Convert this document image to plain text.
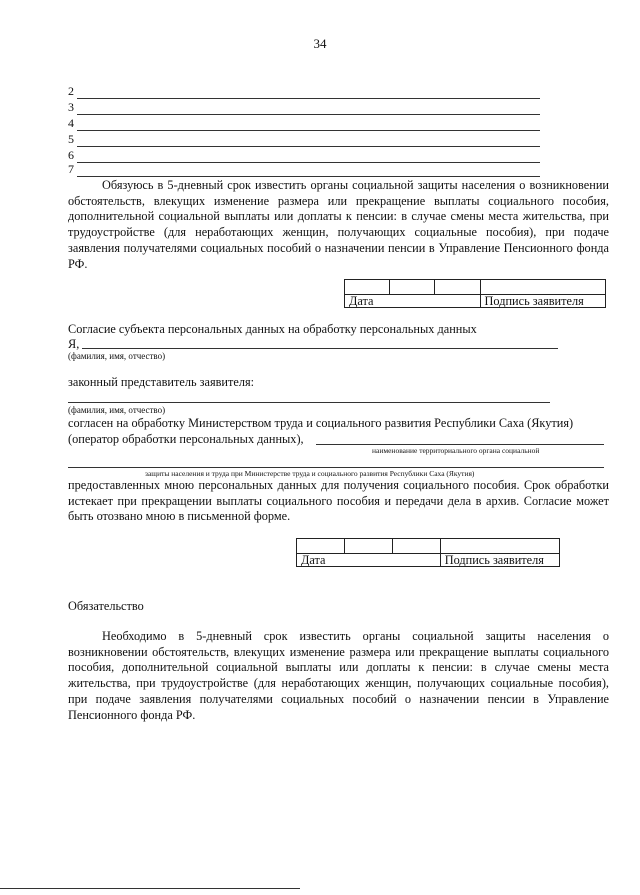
34
2
3
4
5
6
7

Обязуюсь в 5-дневный срок известить органы социальной защиты населения о возникновении обстоятельств, влекущих изменение размера или прекращение выплаты социального пособия, дополнительной социальной выплаты или доплаты к пенсии: в случае смены места жительства, при трудоустройстве (для неработающих женщин, получающих социальные пособия), при подаче заявления получателями социальных пособий о назначении пенсии в Управление Пенсионного фонда РФ.

Дата			Подпись заявителя
Согласие субъекта персональных данных на обработку персональных данных
Я,
(фамилия, имя, отчество)
законный представитель заявителя:
(фамилия, имя, отчество)
согласен на обработку Министерством труда и социального развития Республики Саха (Якутия)
(оператор обработки персональных данных),
наименование территориального органа социальной
защиты населения и труда при Министерстве труда и социального развития Республики Саха (Якутия)

предоставленных мною персональных данных для получения социального пособия. Срок обработки истекает при прекращении выплаты социального пособия и передачи дела в архив. Согласие может быть отозвано мною в письменной форме.

Дата			Подпись заявителя
Обязательство

Необходимо в 5-дневный срок известить органы социальной защиты населения о возникновении обстоятельств, влекущих изменение размера или прекращение выплаты социального пособия, дополнительной социальной выплаты или доплаты к пенсии: в случае смены места жительства, при трудоустройстве (для неработающих женщин, получающих социальные пособия), при подаче заявления получателями социальных пособий о назначении пенсии в Управление Пенсионного фонда РФ.
